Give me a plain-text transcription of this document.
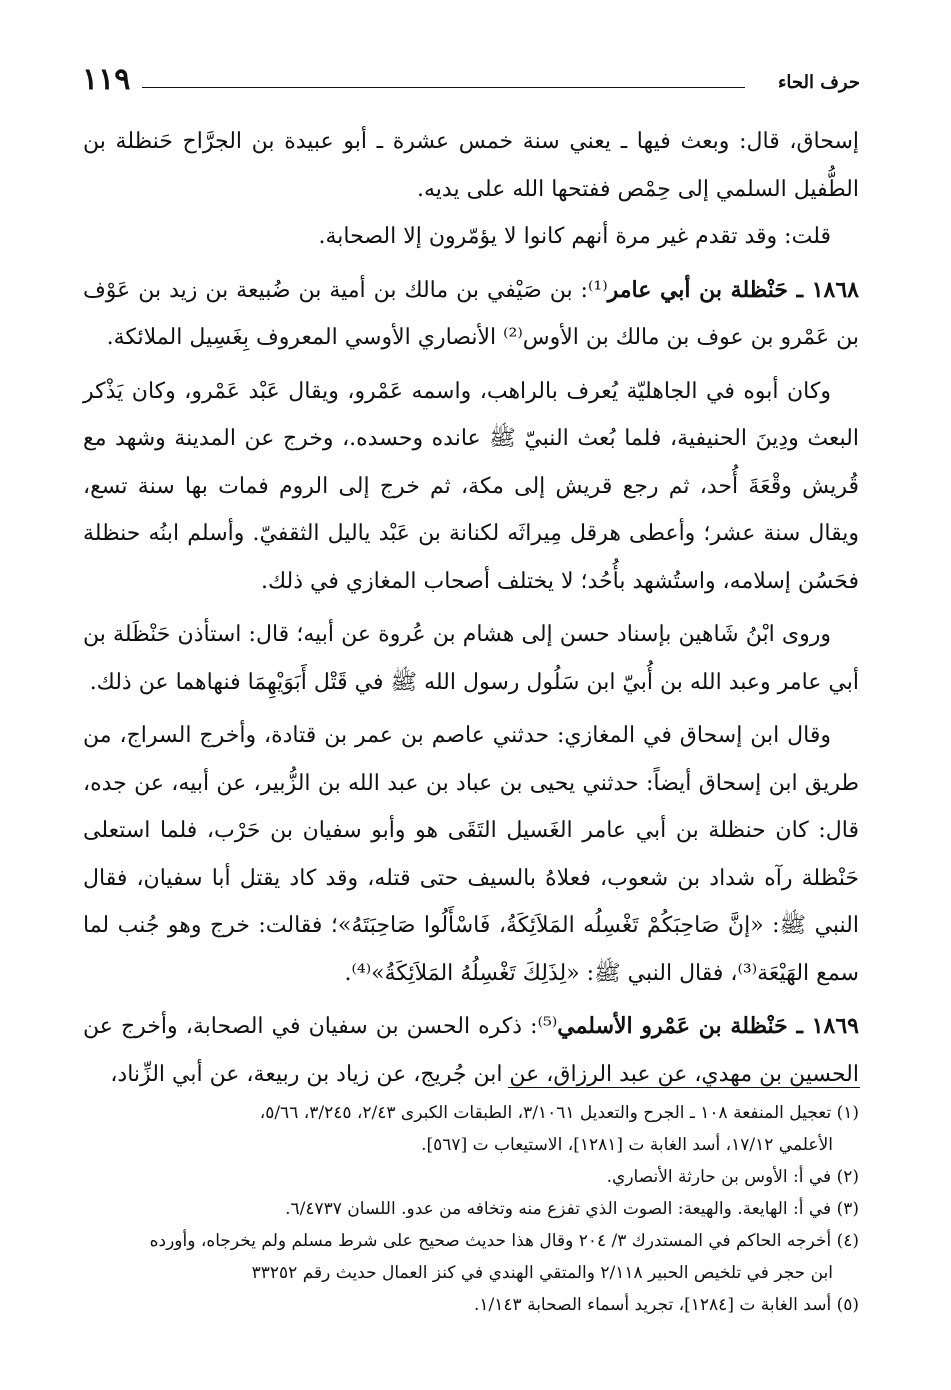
حرف الحاء
١١٩

إسحاق، قال: وبعث فيها ـ يعني سنة خمس عشرة ـ أبو عبيدة بن الجرَّاح حَنظلة بن الطُّفيل السلمي إلى حِمْص ففتحها الله على يديه.

قلت: وقد تقدم غير مرة أنهم كانوا لا يؤمّرون إلا الصحابة.

١٨٦٨ ـ حَنْظلة بن أبي عامر⁽¹⁾: بن صَيْفي بن مالك بن أمية بن ضُبيعة بن زيد بن عَوْف بن عَمْرو بن عوف بن مالك بن الأوس⁽²⁾ الأنصاري الأوسي المعروف بِغَسِيل الملائكة.

وكان أبوه في الجاهليّة يُعرف بالراهب، واسمه عَمْرو، ويقال عَبْد عَمْرو، وكان يَذْكر البعث ودِينَ الحنيفية، فلما بُعث النبيّ ﷺ عانده وحسده.، وخرج عن المدينة وشهد مع قُريش وقْعَةَ أُحد، ثم رجع قريش إلى مكة، ثم خرج إلى الروم فمات بها سنة تسع، ويقال سنة عشر؛ وأعطى هرقل مِيراثَه لكنانة بن عَبْد ياليل الثقفيّ. وأسلم ابنُه حنظلة فحَسُن إسلامه، واستُشهد بأُحُد؛ لا يختلف أصحاب المغازي في ذلك.

وروى ابْنُ شَاهين بإسناد حسن إلى هشام بن عُروة عن أبيه؛ قال: استأذن حَنْظَلة بن أبي عامر وعبد الله بن أُبيّ ابن سَلُول رسول الله ﷺ في قَتْل أَبَوَيْهِمَا فنهاهما عن ذلك.

وقال ابن إسحاق في المغازي: حدثني عاصم بن عمر بن قتادة، وأخرج السراج، من طريق ابن إسحاق أيضاً: حدثني يحيى بن عباد بن عبد الله بن الزُّبير، عن أبيه، عن جده، قال: كان حنظلة بن أبي عامر الغَسيل التَقَى هو وأبو سفيان بن حَرْب، فلما استعلى حَنْظلة رآه شداد بن شعوب، فعلاهُ بالسيف حتى قتله، وقد كاد يقتل أبا سفيان، فقال النبي ﷺ: «إنَّ صَاحِبَكُمْ تَغْسِلُه المَلاَئِكَةُ، فَاسْأَلُوا صَاحِبَتَهُ»؛ فقالت: خرج وهو جُنب لما سمع الهَيْعَة⁽³⁾، فقال النبي ﷺ: «لِذَلِكَ تَغْسِلُهُ المَلاَئِكَةُ»⁽⁴⁾.

١٨٦٩ ـ حَنْظلة بن عَمْرو الأسلمي⁽⁵⁾: ذكره الحسن بن سفيان في الصحابة، وأخرج عن الحسين بن مهدي، عن عبد الرزاق، عن ابن جُريج، عن زياد بن ربيعة، عن أبي الزِّناد،

(١) تعجيل المنفعة ١٠٨ ـ الجرح والتعديل ٣/١٠٦١، الطبقات الكبرى ٢/٤٣، ٣/٢٤٥، ٥/٦٦،
الأعلمي ١٧/١٢، أسد الغابة ت [١٢٨١]، الاستيعاب ت [٥٦٧].

(٢) في أ: الأوس بن حارثة الأنصاري.

(٣) في أ: الهايعة. والهيعة: الصوت الذي تفزع منه وتخافه من عدو. اللسان ٦/٤٧٣٧.

(٤) أخرجه الحاكم في المستدرك ٣/ ٢٠٤ وقال هذا حديث صحيح على شرط مسلم ولم يخرجاه، وأورده
ابن حجر في تلخيص الحبير ٢/١١٨ والمتقي الهندي في كنز العمال حديث رقم ٣٣٢٥٢

(٥) أسد الغابة ت [١٢٨٤]، تجريد أسماء الصحابة ١/١٤٣.
